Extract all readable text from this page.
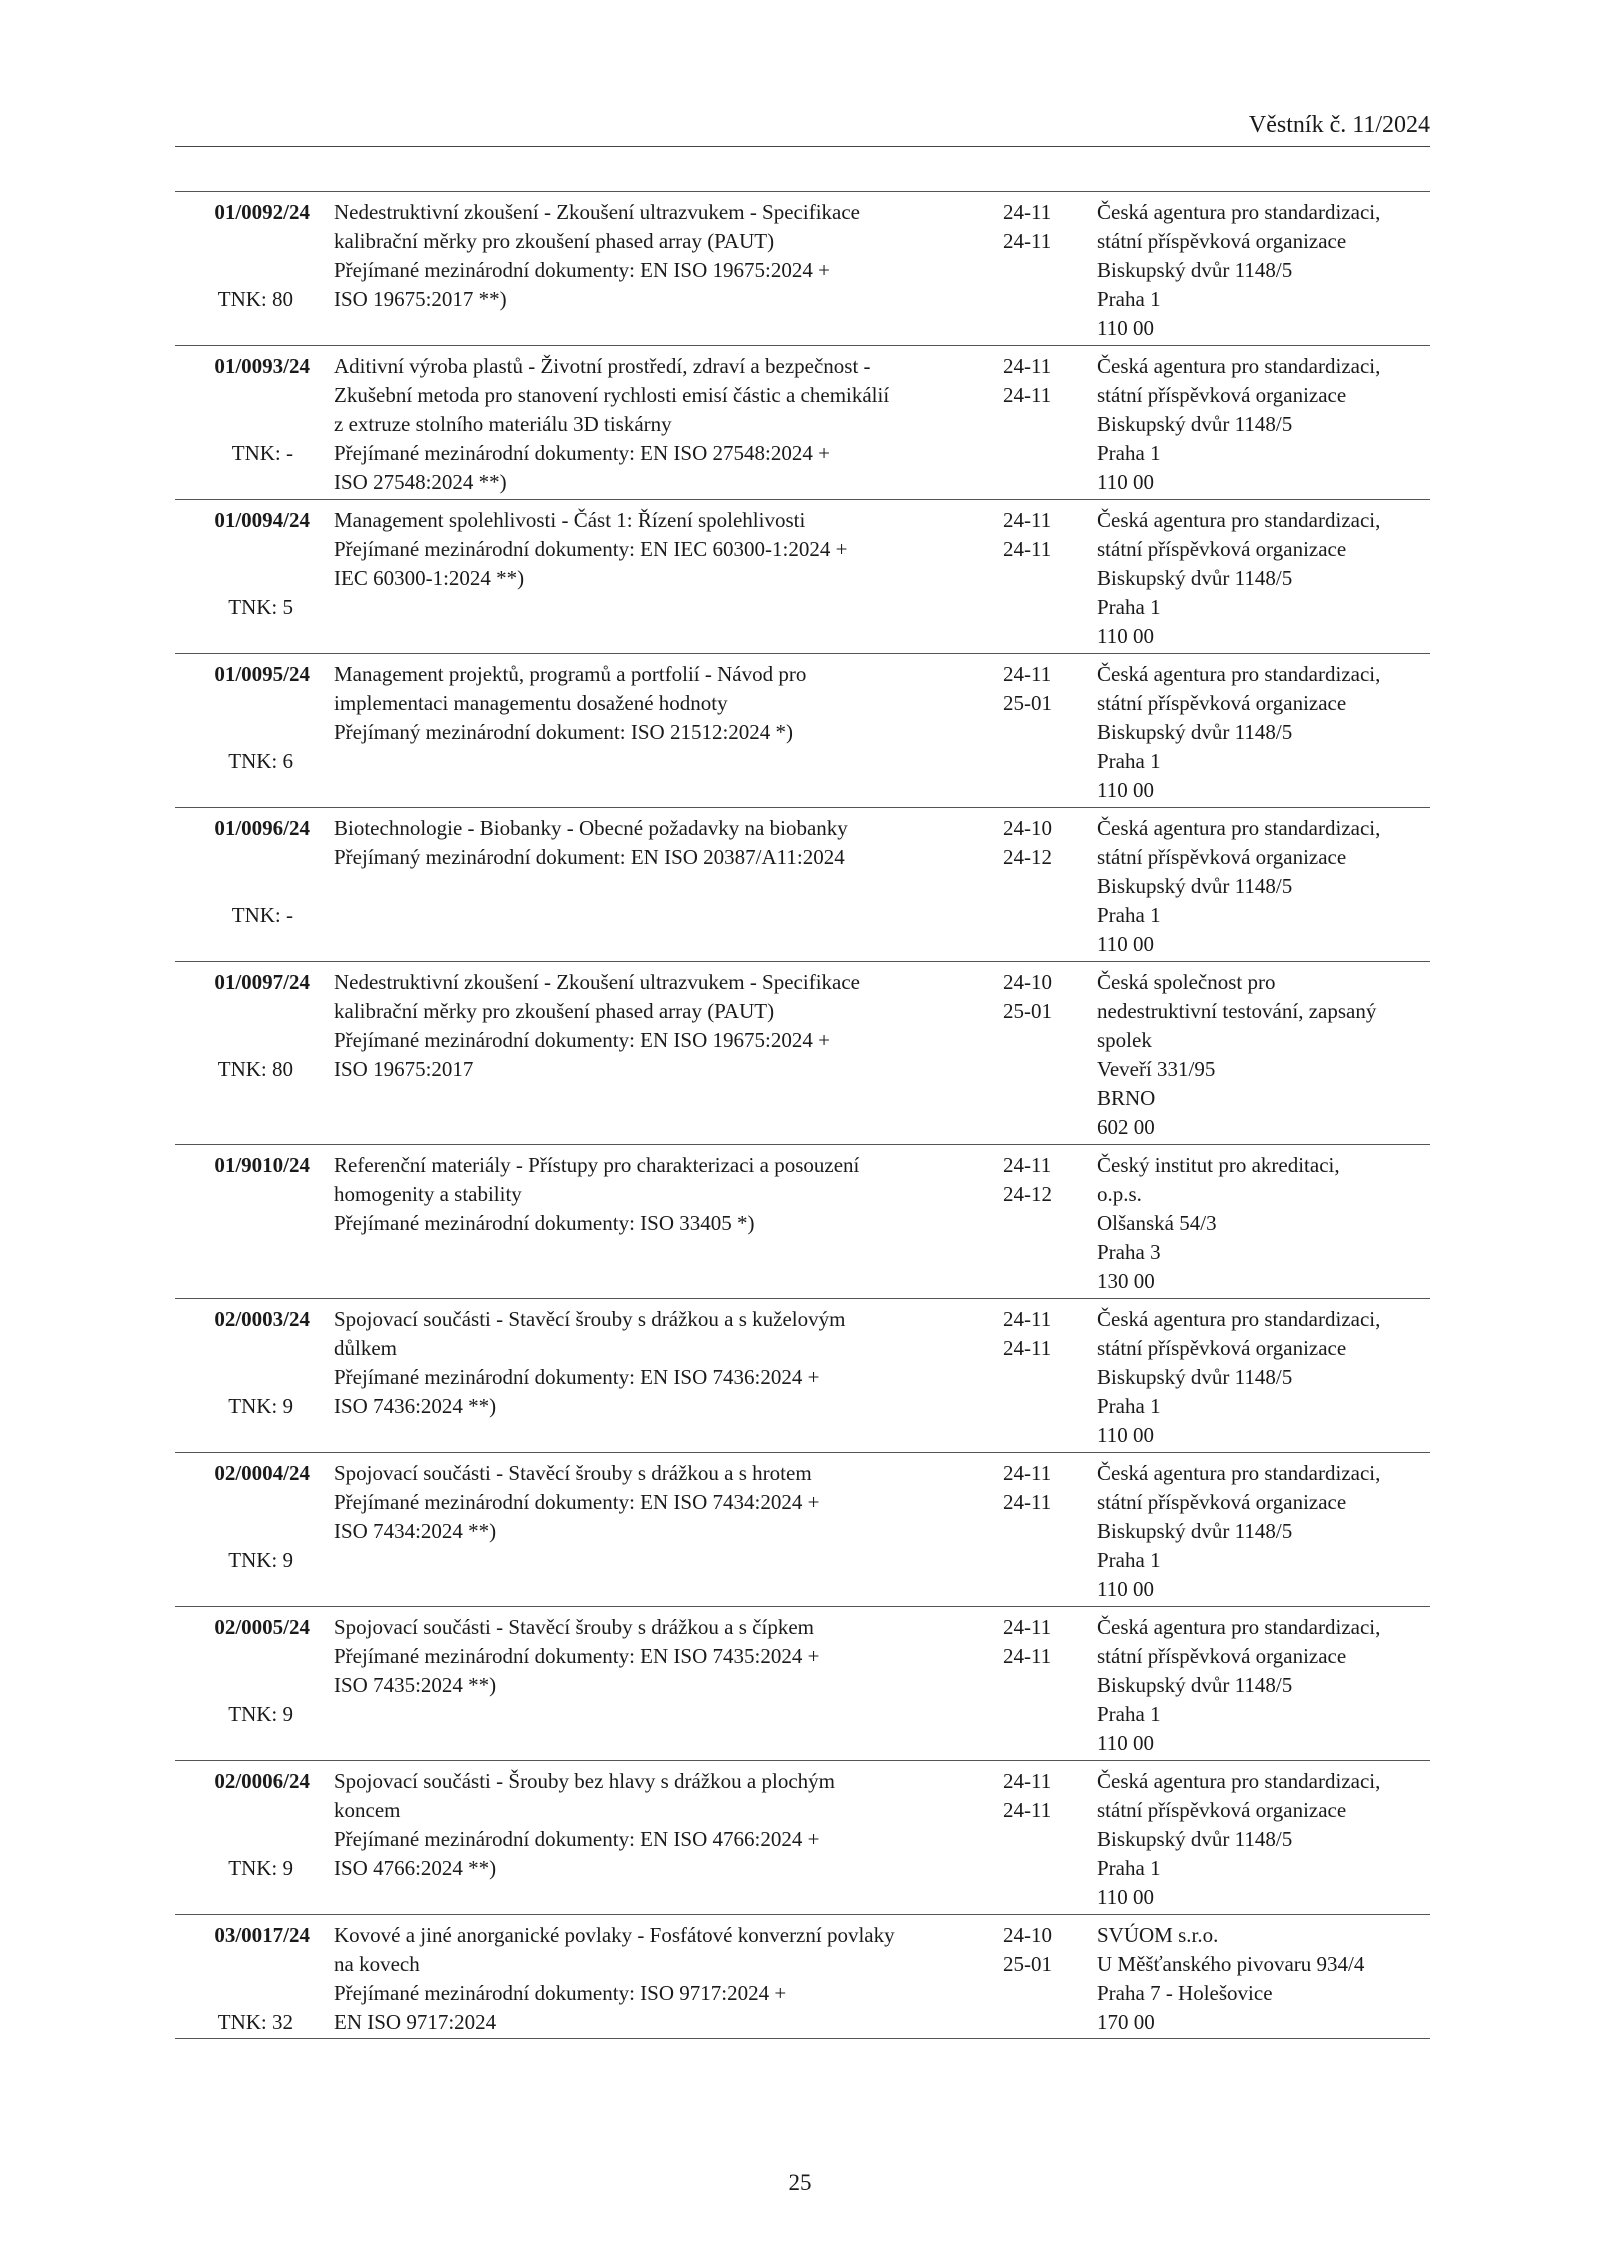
Věstník č. 11/2024
01/0092/24
TNK: 80
Nedestruktivní zkoušení - Zkoušení ultrazvukem - Specifikace
kalibrační měrky pro zkoušení phased array (PAUT)
Přejímané mezinárodní dokumenty: EN ISO 19675:2024 +
ISO 19675:2017 **)
24-11
24-11
Česká agentura pro standardizaci,
státní příspěvková organizace
Biskupský dvůr 1148/5
Praha 1
110 00
01/0093/24
TNK: -
Aditivní výroba plastů - Životní prostředí, zdraví a bezpečnost -
Zkušební metoda pro stanovení rychlosti emisí částic a chemikálií
z extruze stolního materiálu 3D tiskárny
Přejímané mezinárodní dokumenty: EN ISO 27548:2024 +
ISO 27548:2024 **)
24-11
24-11
Česká agentura pro standardizaci,
státní příspěvková organizace
Biskupský dvůr 1148/5
Praha 1
110 00
01/0094/24
TNK: 5
Management spolehlivosti - Část 1: Řízení spolehlivosti
Přejímané mezinárodní dokumenty: EN IEC 60300-1:2024 +
IEC 60300-1:2024 **)
24-11
24-11
Česká agentura pro standardizaci,
státní příspěvková organizace
Biskupský dvůr 1148/5
Praha 1
110 00
01/0095/24
TNK: 6
Management projektů, programů a portfolií - Návod pro
implementaci managementu dosažené hodnoty
Přejímaný mezinárodní dokument: ISO 21512:2024 *)
24-11
25-01
Česká agentura pro standardizaci,
státní příspěvková organizace
Biskupský dvůr 1148/5
Praha 1
110 00
01/0096/24
TNK: -
Biotechnologie - Biobanky - Obecné požadavky na biobanky
Přejímaný mezinárodní dokument: EN ISO 20387/A11:2024
24-10
24-12
Česká agentura pro standardizaci,
státní příspěvková organizace
Biskupský dvůr 1148/5
Praha 1
110 00
01/0097/24
TNK: 80
Nedestruktivní zkoušení - Zkoušení ultrazvukem - Specifikace
kalibrační měrky pro zkoušení phased array (PAUT)
Přejímané mezinárodní dokumenty: EN ISO 19675:2024 +
ISO 19675:2017
24-10
25-01
Česká společnost pro
nedestruktivní testování, zapsaný
spolek
Veveří 331/95
BRNO
602 00
01/9010/24 Referenční materiály - Přístupy pro charakterizaci a posouzení
homogenity a stability
Přejímané mezinárodní dokumenty: ISO 33405 *)
24-11
24-12
Český institut pro akreditaci,
o.p.s.
Olšanská 54/3
Praha 3
130 00
02/0003/24
TNK: 9
Spojovací součásti - Stavěcí šrouby s drážkou a s kuželovým
důlkem
Přejímané mezinárodní dokumenty: EN ISO 7436:2024 +
ISO 7436:2024 **)
24-11
24-11
Česká agentura pro standardizaci,
státní příspěvková organizace
Biskupský dvůr 1148/5
Praha 1
110 00
02/0004/24
TNK: 9
Spojovací součásti - Stavěcí šrouby s drážkou a s hrotem
Přejímané mezinárodní dokumenty: EN ISO 7434:2024 +
ISO 7434:2024 **)
24-11
24-11
Česká agentura pro standardizaci,
státní příspěvková organizace
Biskupský dvůr 1148/5
Praha 1
110 00
02/0005/24
TNK: 9
Spojovací součásti - Stavěcí šrouby s drážkou a s čípkem
Přejímané mezinárodní dokumenty: EN ISO 7435:2024 +
ISO 7435:2024 **)
24-11
24-11
Česká agentura pro standardizaci,
státní příspěvková organizace
Biskupský dvůr 1148/5
Praha 1
110 00
02/0006/24
TNK: 9
Spojovací součásti - Šrouby bez hlavy s drážkou a plochým
koncem
Přejímané mezinárodní dokumenty: EN ISO 4766:2024 +
ISO 4766:2024 **)
24-11
24-11
Česká agentura pro standardizaci,
státní příspěvková organizace
Biskupský dvůr 1148/5
Praha 1
110 00
03/0017/24
TNK: 32
Kovové a jiné anorganické povlaky - Fosfátové konverzní povlaky
na kovech
Přejímané mezinárodní dokumenty: ISO 9717:2024 +
EN ISO 9717:2024
24-10
25-01
SVÚOM s.r.o.
U Měšťanského pivovaru 934/4
Praha 7 - Holešovice
170 00
25
